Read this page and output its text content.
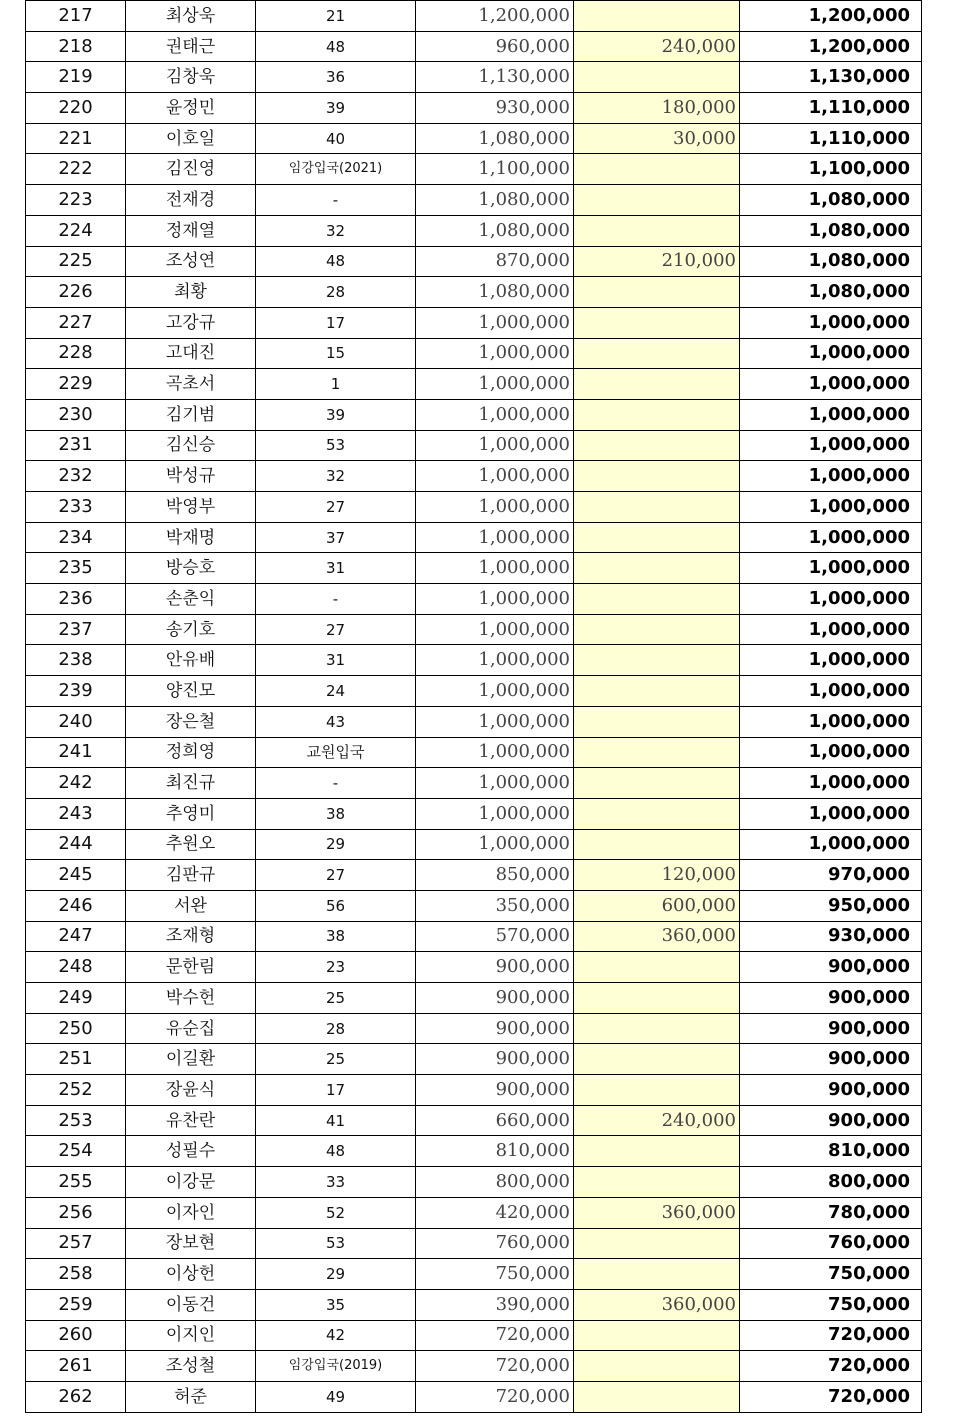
217	최상욱	21	1,200,000		1,200,000
218	권태근	48	960,000	240,000	1,200,000
219	김창욱	36	1,130,000		1,130,000
220	윤정민	39	930,000	180,000	1,110,000
221	이호일	40	1,080,000	30,000	1,110,000
222	김진영	임강입국(2021)	1,100,000		1,100,000
223	전재경	-	1,080,000		1,080,000
224	정재열	32	1,080,000		1,080,000
225	조성연	48	870,000	210,000	1,080,000
226	최황	28	1,080,000		1,080,000
227	고강규	17	1,000,000		1,000,000
228	고대진	15	1,000,000		1,000,000
229	곡초서	1	1,000,000		1,000,000
230	김기범	39	1,000,000		1,000,000
231	김신승	53	1,000,000		1,000,000
232	박성규	32	1,000,000		1,000,000
233	박영부	27	1,000,000		1,000,000
234	박재명	37	1,000,000		1,000,000
235	방승호	31	1,000,000		1,000,000
236	손춘익	-	1,000,000		1,000,000
237	송기호	27	1,000,000		1,000,000
238	안유배	31	1,000,000		1,000,000
239	양진모	24	1,000,000		1,000,000
240	장은철	43	1,000,000		1,000,000
241	정희영	교원입국	1,000,000		1,000,000
242	최진규	-	1,000,000		1,000,000
243	추영미	38	1,000,000		1,000,000
244	추원오	29	1,000,000		1,000,000
245	김판규	27	850,000	120,000	970,000
246	서완	56	350,000	600,000	950,000
247	조재형	38	570,000	360,000	930,000
248	문한림	23	900,000		900,000
249	박수헌	25	900,000		900,000
250	유순집	28	900,000		900,000
251	이길환	25	900,000		900,000
252	장윤식	17	900,000		900,000
253	유찬란	41	660,000	240,000	900,000
254	성필수	48	810,000		810,000
255	이강문	33	800,000		800,000
256	이자인	52	420,000	360,000	780,000
257	장보현	53	760,000		760,000
258	이상헌	29	750,000		750,000
259	이동건	35	390,000	360,000	750,000
260	이지인	42	720,000		720,000
261	조성철	임강입국(2019)	720,000		720,000
262	허준	49	720,000		720,000
